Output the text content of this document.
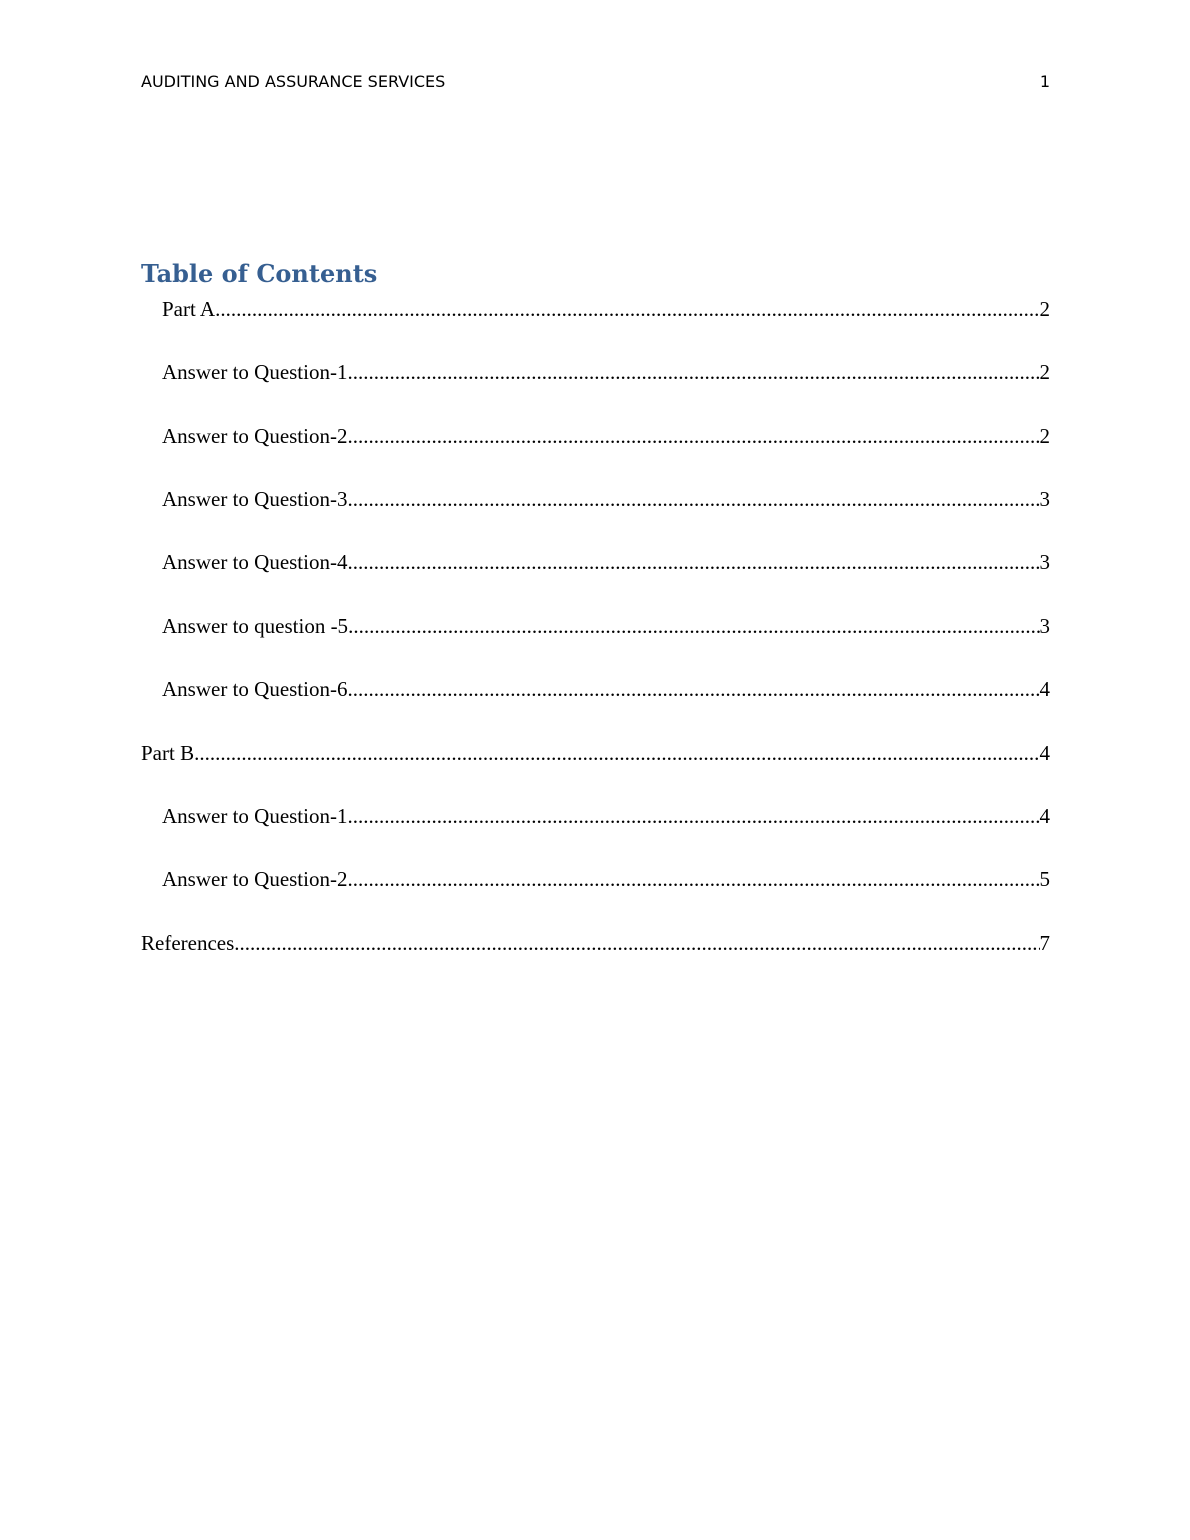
AUDITING AND ASSURANCE SERVICES	1
Table of Contents
Part A .....	2
Answer to Question-1 .....	2
Answer to Question-2 .....	2
Answer to Question-3 .....	3
Answer to Question-4 .....	3
Answer to question -5 .....	3
Answer to Question-6 .....	4
Part B .....	4
Answer to Question-1 .....	4
Answer to Question-2 .....	5
References .....	7
